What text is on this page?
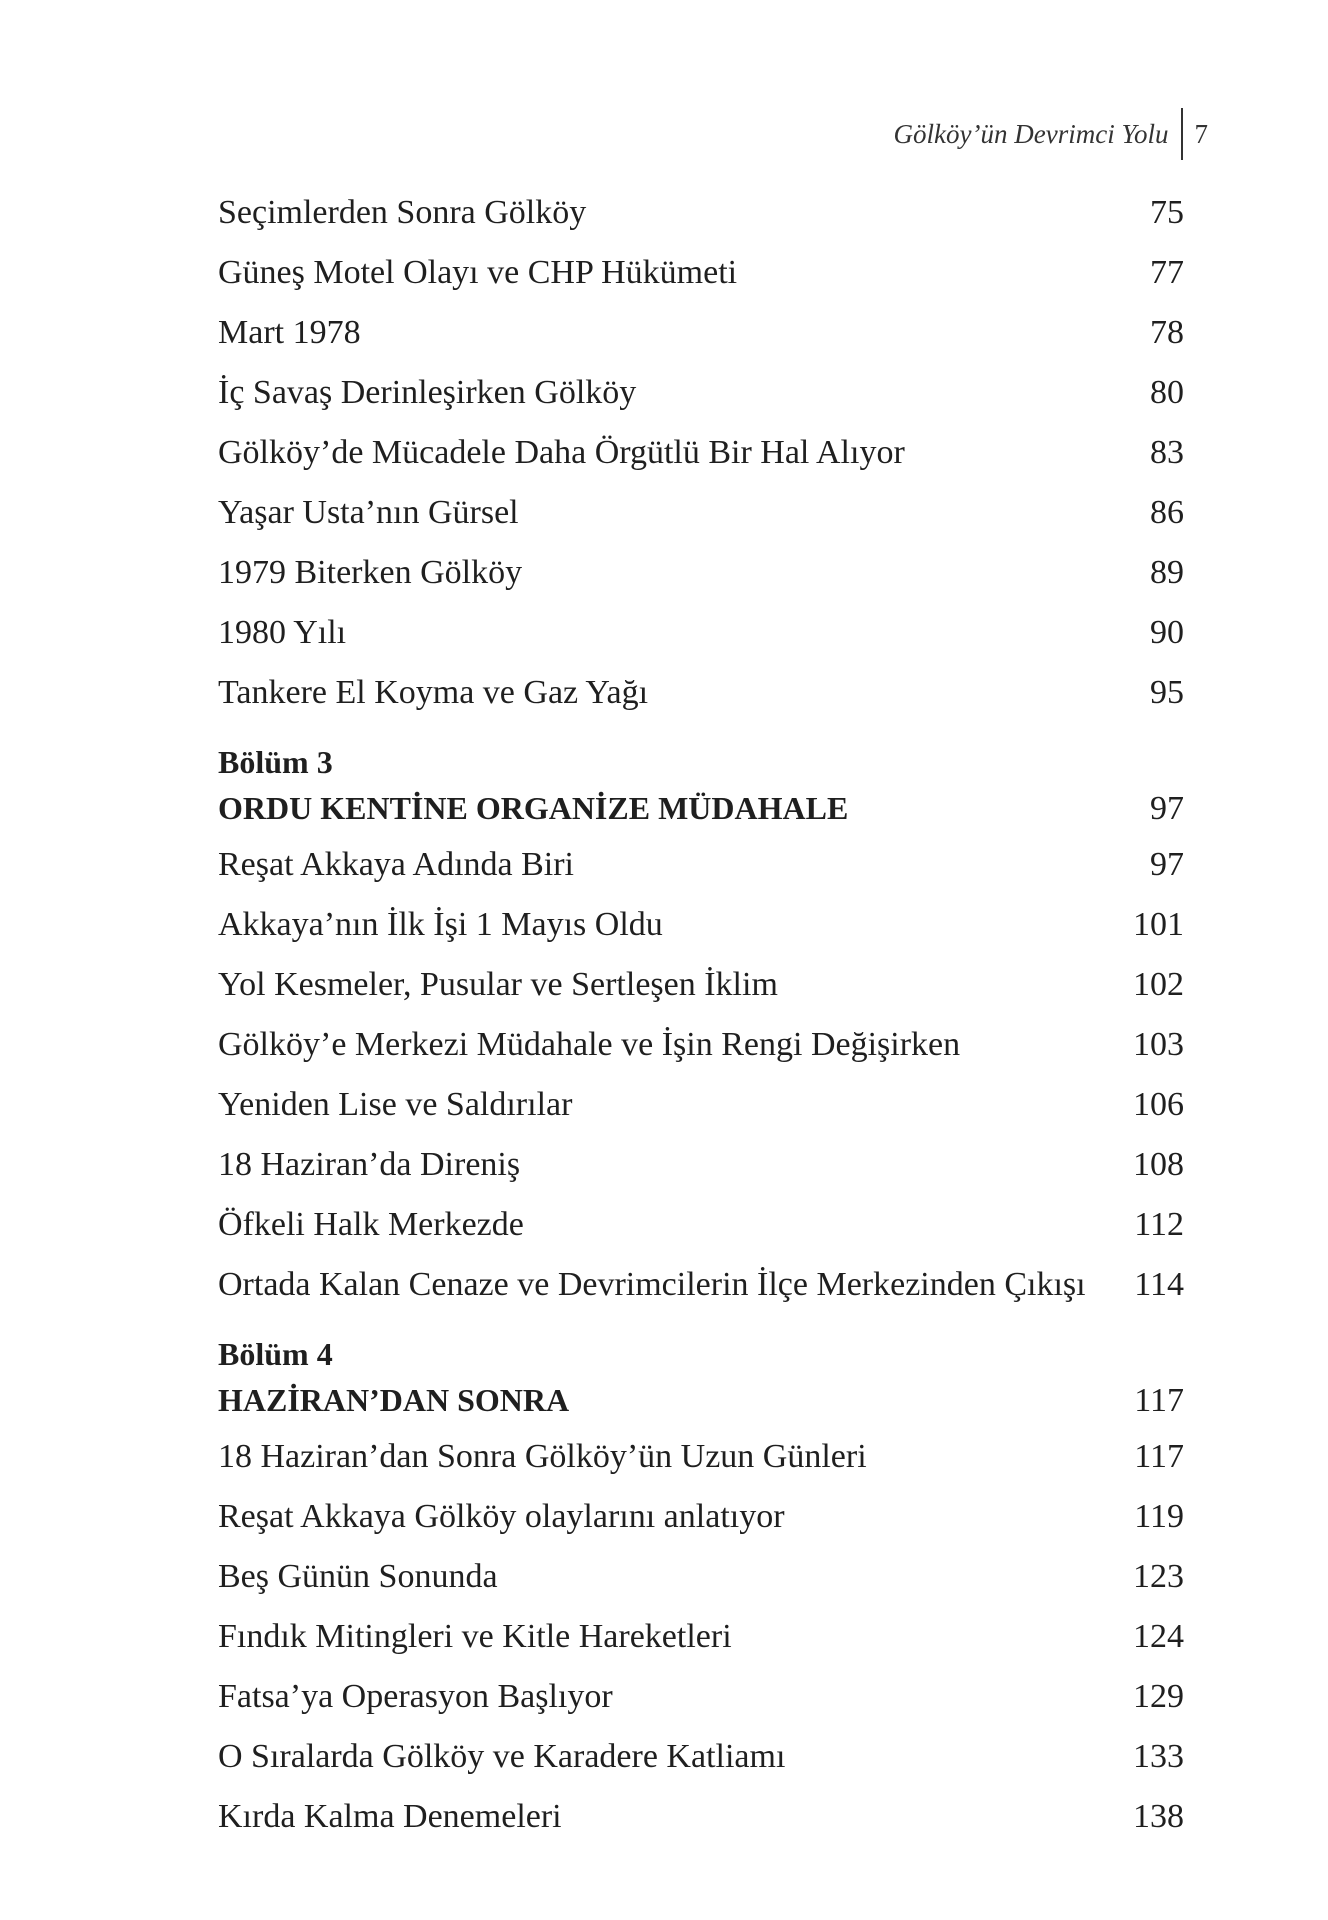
Gölköy’ün Devrimci Yolu 7
Seçimlerden Sonra Gölköy	75
Güneş Motel Olayı ve CHP Hükümeti	77
Mart 1978	78
İç Savaş Derinleşirken Gölköy	80
Gölköy’de Mücadele Daha Örgütlü Bir Hal Alıyor	83
Yaşar Usta’nın Gürsel	86
1979 Biterken Gölköy	89
1980 Yılı	90
Tankere El Koyma ve Gaz Yağı	95
Bölüm 3
ORDU KENTİNE ORGANİZE MÜDAHALE	97
Reşat Akkaya Adında Biri	97
Akkaya’nın İlk İşi 1 Mayıs Oldu	101
Yol Kesmeler, Pusular ve Sertleşen İklim	102
Gölköy’e Merkezi Müdahale ve İşin Rengi Değişirken	103
Yeniden Lise ve Saldırılar	106
18 Haziran’da Direniş	108
Öfkeli Halk Merkezde	112
Ortada Kalan Cenaze ve Devrimcilerin İlçe Merkezinden Çıkışı 114
Bölüm 4
HAZİRAN’DAN SONRA	117
18 Haziran’dan Sonra Gölköy’ün Uzun Günleri	117
Reşat Akkaya Gölköy olaylarını anlatıyor	119
Beş Günün Sonunda	123
Fındık Mitingleri ve Kitle Hareketleri	124
Fatsa’ya Operasyon Başlıyor	129
O Sıralarda Gölköy ve Karadere Katliamı	133
Kırda Kalma Denemeleri	138
